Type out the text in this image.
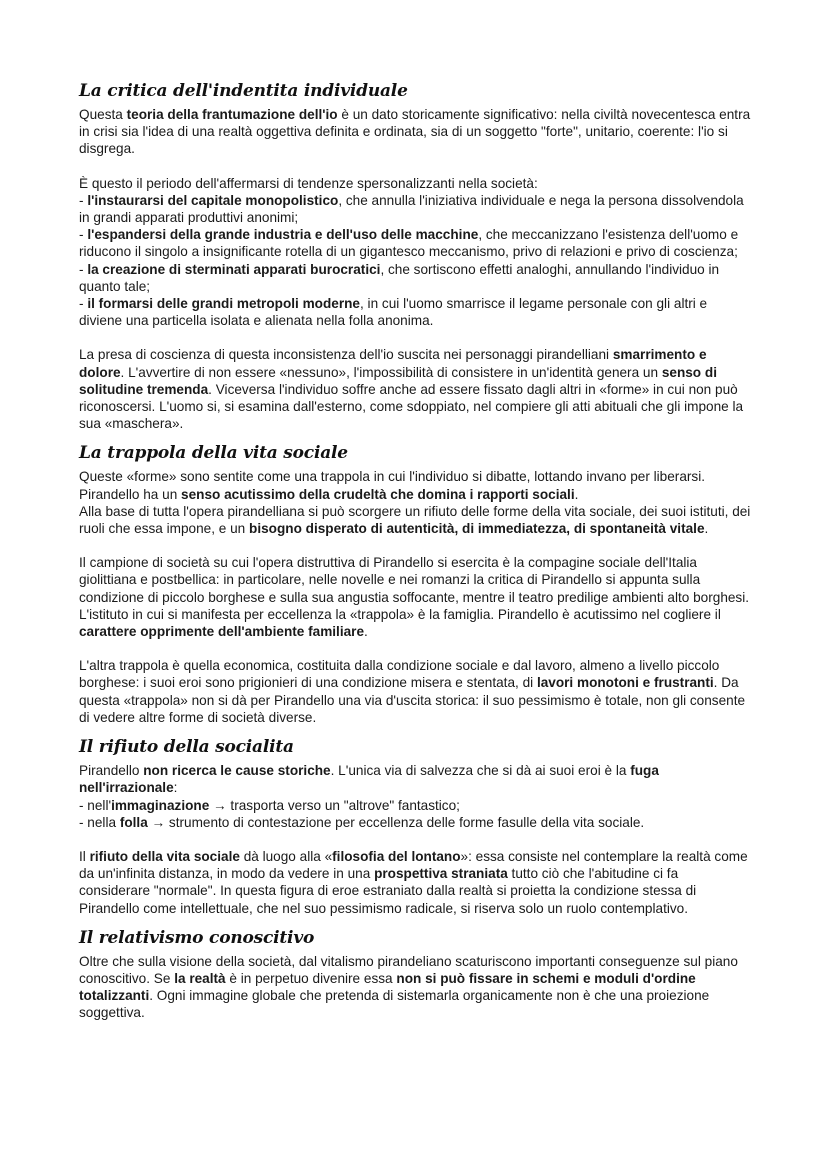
La critica dell'indentita individuale

Questa teoria della frantumazione dell'io è un dato storicamente significativo: nella civiltà novecentesca entra in crisi sia l'idea di una realtà oggettiva definita e ordinata, sia di un soggetto "forte", unitario, coerente: l'io si disgrega.

È questo il periodo dell'affermarsi di tendenze spersonalizzanti nella società:
- l'instaurarsi del capitale monopolistico, che annulla l'iniziativa individuale e nega la persona dissolvendola in grandi apparati produttivi anonimi;
- l'espandersi della grande industria e dell'uso delle macchine, che meccanizzano l'esistenza dell'uomo e riducono il singolo a insignificante rotella di un gigantesco meccanismo, privo di relazioni e privo di coscienza;
- la creazione di sterminati apparati burocratici, che sortiscono effetti analoghi, annullando l'individuo in quanto tale;
- il formarsi delle grandi metropoli moderne, in cui l'uomo smarrisce il legame personale con gli altri e diviene una particella isolata e alienata nella folla anonima.

La presa di coscienza di questa inconsistenza dell'io suscita nei personaggi pirandelliani smarrimento e dolore. L'avvertire di non essere «nessuno», l'impossibilità di consistere in un'identità genera un senso di solitudine tremenda. Viceversa l'individuo soffre anche ad essere fissato dagli altri in «forme» in cui non può riconoscersi. L'uomo si, si esamina dall'esterno, come sdoppiato, nel compiere gli atti abituali che gli impone la sua «maschera».

La trappola della vita sociale

Queste «forme» sono sentite come una trappola in cui l'individuo si dibatte, lottando invano per liberarsi. Pirandello ha un senso acutissimo della crudeltà che domina i rapporti sociali.
Alla base di tutta l'opera pirandelliana si può scorgere un rifiuto delle forme della vita sociale, dei suoi istituti, dei ruoli che essa impone, e un bisogno disperato di autenticità, di immediatezza, di spontaneità vitale.

Il campione di società su cui l'opera distruttiva di Pirandello si esercita è la compagine sociale dell'Italia giolittiana e postbellica: in particolare, nelle novelle e nei romanzi la critica di Pirandello si appunta sulla condizione di piccolo borghese e sulla sua angustia soffocante, mentre il teatro predilige ambienti alto borghesi. L'istituto in cui si manifesta per eccellenza la «trappola» è la famiglia. Pirandello è acutissimo nel cogliere il carattere opprimente dell'ambiente familiare.

L'altra trappola è quella economica, costituita dalla condizione sociale e dal lavoro, almeno a livello piccolo borghese: i suoi eroi sono prigionieri di una condizione misera e stentata, di lavori monotoni e frustranti. Da questa «trappola» non si dà per Pirandello una via d'uscita storica: il suo pessimismo è totale, non gli consente di vedere altre forme di società diverse.

Il rifiuto della socialita

Pirandello non ricerca le cause storiche. L'unica via di salvezza che si dà ai suoi eroi è la fuga nell'irrazionale:
- nell'immaginazione → trasporta verso un "altrove" fantastico;
- nella folla → strumento di contestazione per eccellenza delle forme fasulle della vita sociale.

Il rifiuto della vita sociale dà luogo alla «filosofia del lontano»: essa consiste nel contemplare la realtà come da un'infinita distanza, in modo da vedere in una prospettiva straniata tutto ciò che l'abitudine ci fa considerare "normale". In questa figura di eroe estraniato dalla realtà si proietta la condizione stessa di Pirandello come intellettuale, che nel suo pessimismo radicale, si riserva solo un ruolo contemplativo.

Il relativismo conoscitivo

Oltre che sulla visione della società, dal vitalismo pirandeliano scaturiscono importanti conseguenze sul piano conoscitivo. Se la realtà è in perpetuo divenire essa non si può fissare in schemi e moduli d'ordine totalizzanti. Ogni immagine globale che pretenda di sistemarla organicamente non è che una proiezione soggettiva.
